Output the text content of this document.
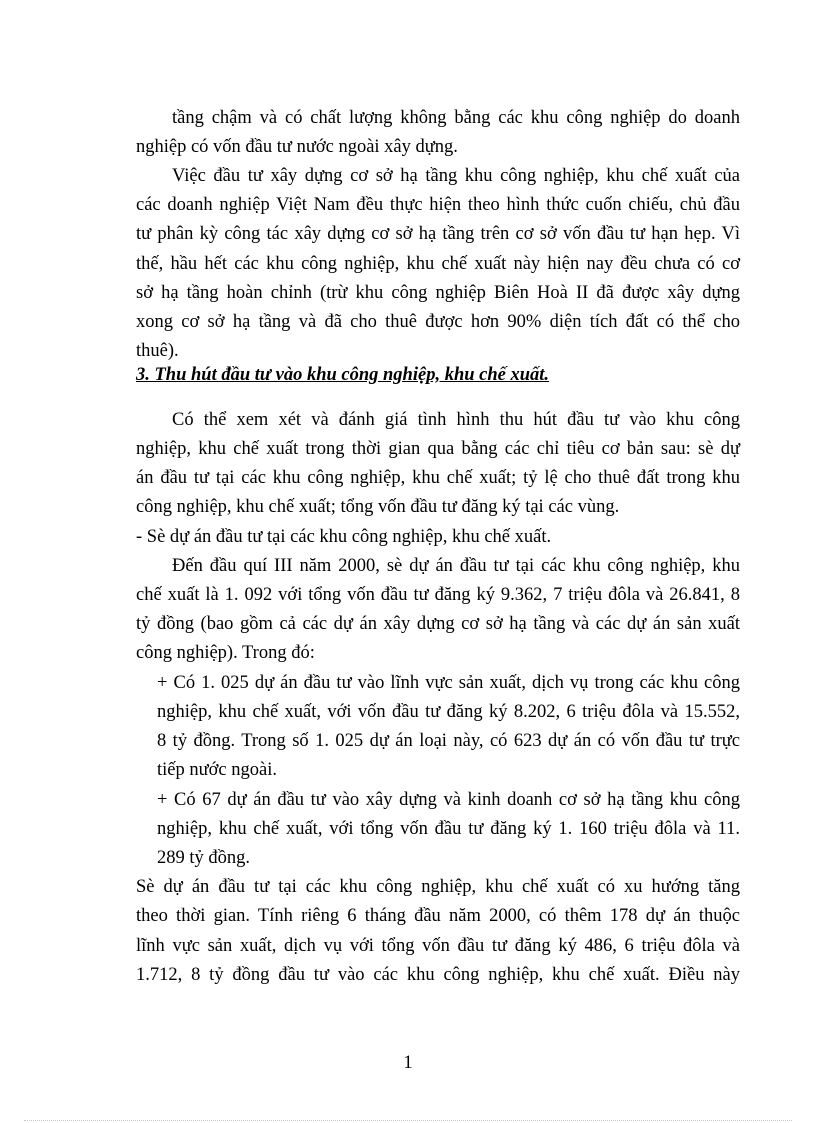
tầng chậm và có chất lượng không bằng các khu công nghiệp do doanh
nghiệp có vốn đầu tư nước ngoài xây dựng.
Việc đầu tư xây dựng cơ sở hạ tầng khu công nghiệp, khu chế xuất của
các doanh nghiệp Việt Nam đều thực hiện theo hình thức cuốn chiếu, chủ đầu
tư phân kỳ công tác xây dựng cơ sở hạ tầng trên cơ sở vốn đầu tư hạn hẹp. Vì
thế, hầu hết các khu công nghiệp, khu chế xuất này hiện nay đều chưa có cơ
sở hạ tầng hoàn chỉnh (trừ khu công nghiệp Biên Hoà II đã được xây dựng
xong cơ sở hạ tầng và đã cho thuê được hơn 90% diện tích đất có thể cho
thuê).
3. Thu hút đầu tư vào khu công nghiệp, khu chế xuất.
Có thể xem xét và đánh giá tình hình thu hút đầu tư vào khu công
nghiệp, khu chế xuất trong thời gian qua bằng các chỉ tiêu cơ bản sau: sè dự
án đầu tư tại các khu công nghiệp, khu chế xuất; tỷ lệ cho thuê đất trong khu
công nghiệp, khu chế xuất; tổng vốn đầu tư đăng ký tại các vùng.
- Sè dự án đầu tư tại các khu công nghiệp, khu chế xuất.
Đến đầu quí III năm 2000, sè dự án đầu tư tại các khu công nghiệp, khu
chế xuất là 1. 092 với tổng vốn đầu tư đăng ký 9.362, 7 triệu đôla và 26.841, 8
tỷ đồng (bao gồm cả các dự án xây dựng cơ sở hạ tầng và các dự án sản xuất
công nghiệp). Trong đó:
+ Có 1. 025 dự án đầu tư vào lĩnh vực sản xuất, dịch vụ trong các khu công
nghiệp, khu chế xuất, với vốn đầu tư đăng ký 8.202, 6 triệu đôla và 15.552,
8 tỷ đồng. Trong số 1. 025 dự án loại này, có 623 dự án có vốn đầu tư trực
tiếp nước ngoài.
+ Có 67 dự án đầu tư vào xây dựng và kinh doanh cơ sở hạ tầng khu công
nghiệp, khu chế xuất, với tổng vốn đầu tư đăng ký 1. 160 triệu đôla và 11.
289 tỷ đồng.
Sè dự án đầu tư tại các khu công nghiệp, khu chế xuất có xu hướng tăng
theo thời gian. Tính riêng 6 tháng đầu năm 2000, có thêm 178 dự án thuộc
lĩnh vực sản xuất, dịch vụ với tổng vốn đầu tư đăng ký 486, 6 triệu đôla và
1.712, 8 tỷ đồng đầu tư vào các khu công nghiệp, khu chế xuất. Điều này
1
